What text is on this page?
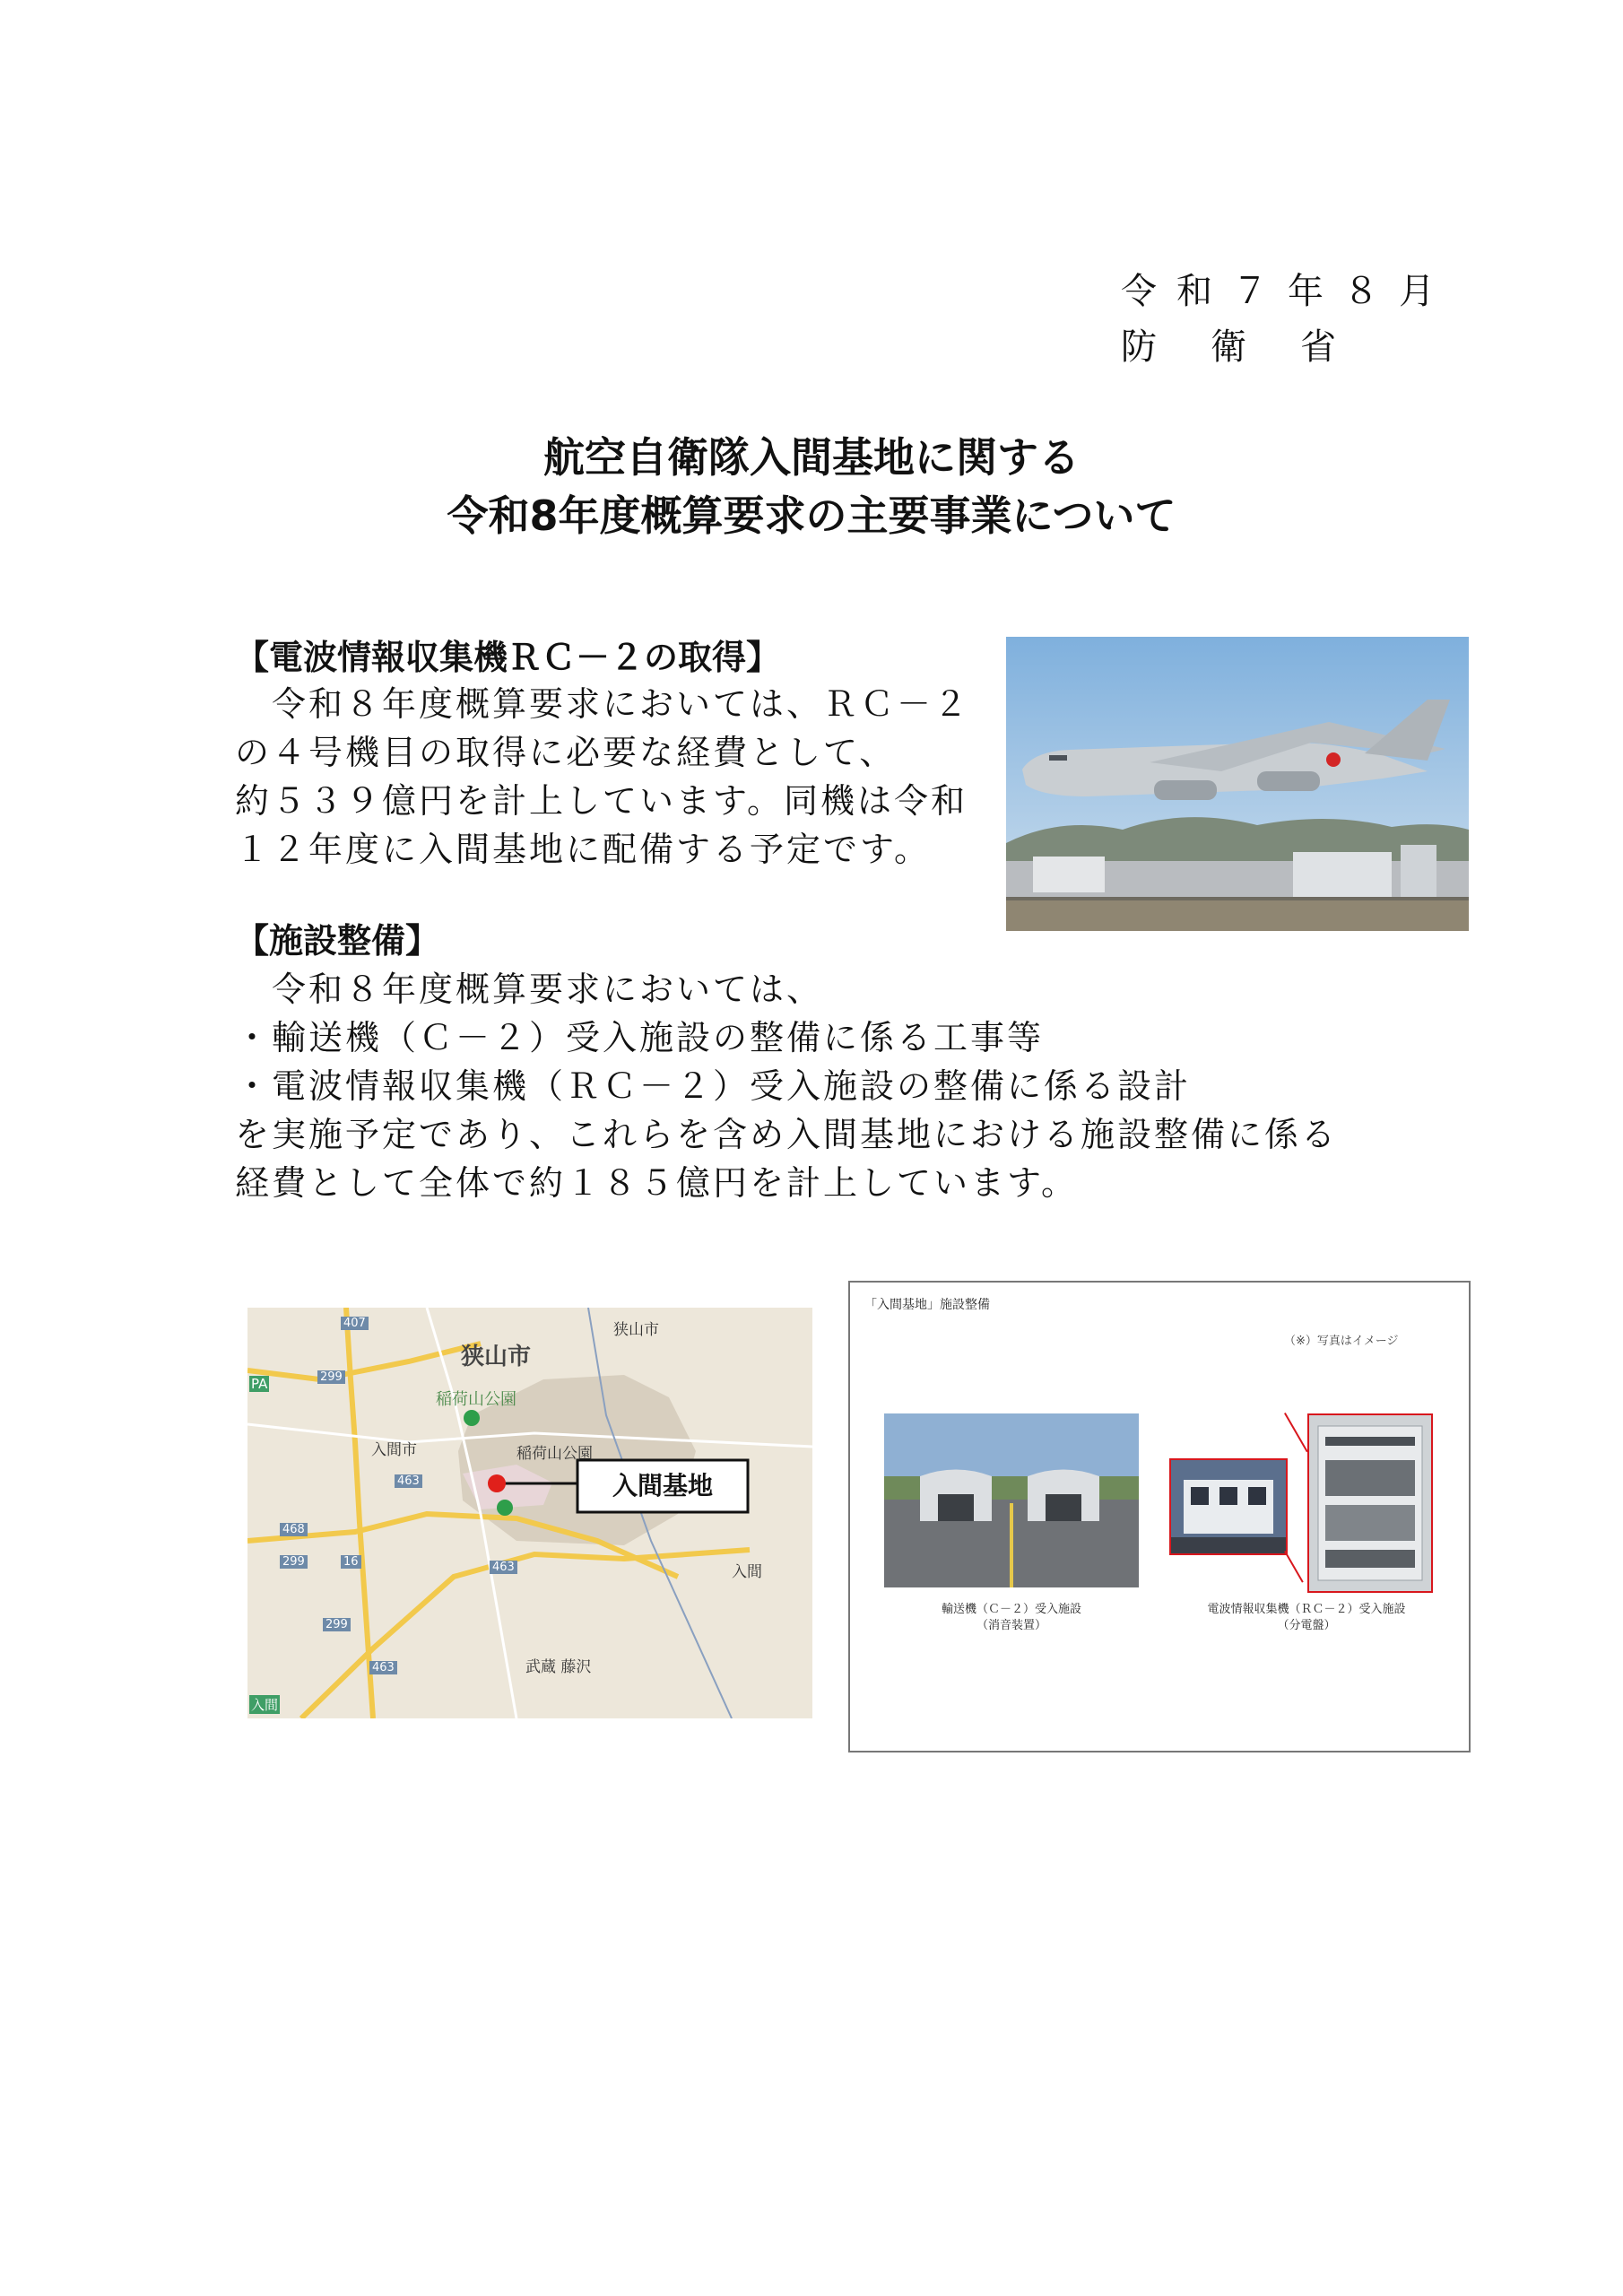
令和７年８月
防　衛　省
航空自衛隊入間基地に関する
令和8年度概算要求の主要事業について
【電波情報収集機ＲＣ－２の取得】
　令和８年度概算要求においては、ＲＣ－２
の４号機目の取得に必要な経費として、
約５３９億円を計上しています。同機は令和
１２年度に入間基地に配備する予定です。
【施設整備】
　令和８年度概算要求においては、
・輸送機（Ｃ－２）受入施設の整備に係る工事等
・電波情報収集機（ＲＣ－２）受入施設の整備に係る設計
を実施予定であり、これらを含め入間基地における施設整備に係る
経費として全体で約１８５億円を計上しています。
入間基地
狭山市
稲荷山公園
稲荷山公園
狭山市
入間市
入間
武蔵 藤沢
入間
PA
407
299
463
468
299	16
299
463
463
「入間基地」施設整備
（※）写真はイメージ
輸送機（Ｃ－２）受入施設
（消音装置）
電波情報収集機（ＲＣ－２）受入施設
（分電盤）
